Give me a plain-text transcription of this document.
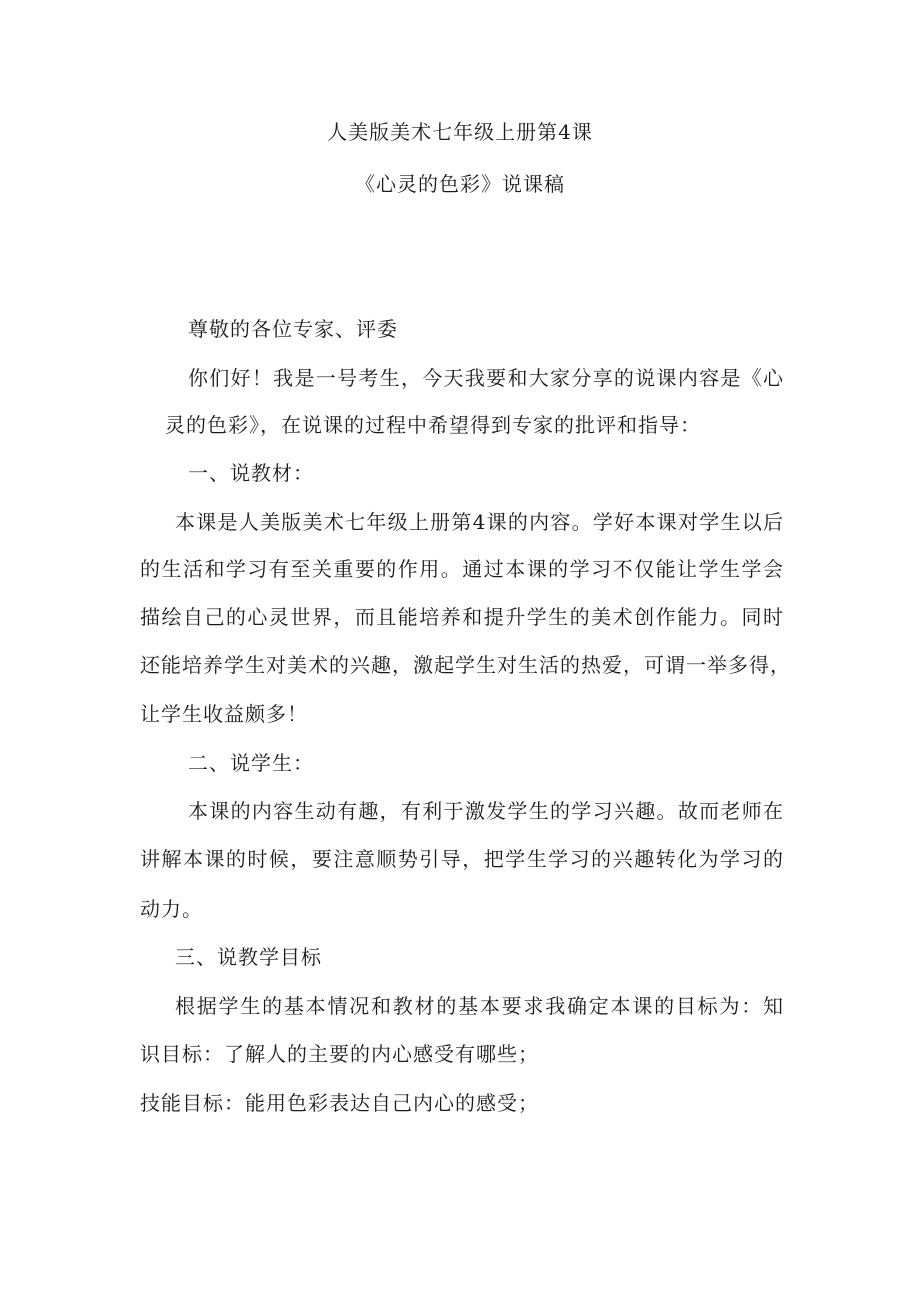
人美版美术七年级上册第4课
《心灵的色彩》说课稿
尊敬的各位专家、评委
你们好！我是一号考生，今天我要和大家分享的说课内容是《心
灵的色彩》，在说课的过程中希望得到专家的批评和指导：
一、说教材：
本课是人美版美术七年级上册第4课的内容。学好本课对学生以后
的生活和学习有至关重要的作用。通过本课的学习不仅能让学生学会
描绘自己的心灵世界，而且能培养和提升学生的美术创作能力。同时
还能培养学生对美术的兴趣，激起学生对生活的热爱，可谓一举多得，
让学生收益颇多！
二、说学生：
本课的内容生动有趣，有利于激发学生的学习兴趣。故而老师在
讲解本课的时候，要注意顺势引导，把学生学习的兴趣转化为学习的
动力。
三、说教学目标
根据学生的基本情况和教材的基本要求我确定本课的目标为：知
识目标：了解人的主要的内心感受有哪些；
技能目标：能用色彩表达自己内心的感受；
